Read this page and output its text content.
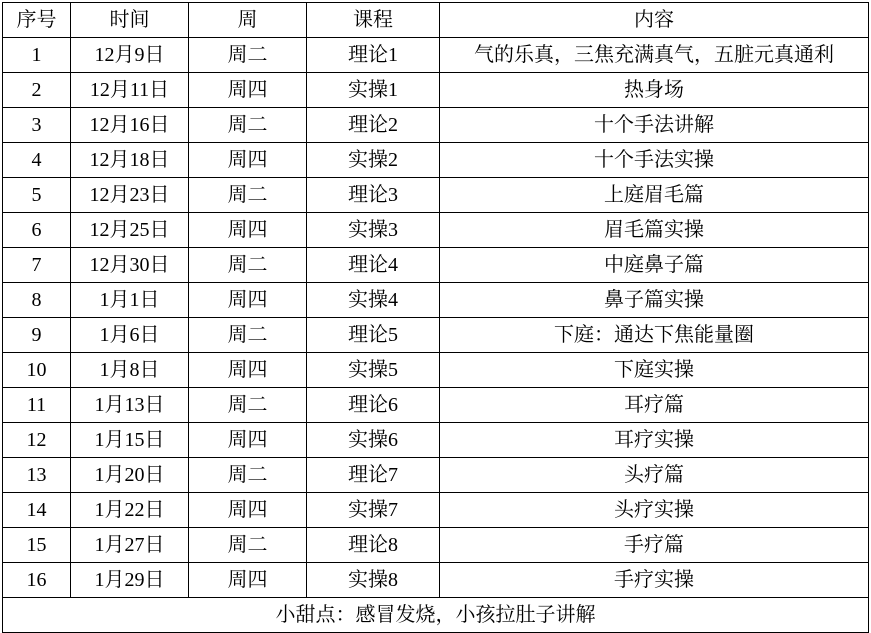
序号	时间	周	课程	内容
1	12月9日	周二	理论1	气的乐真，三焦充满真气，五脏元真通利
2	12月11日	周四	实操1	热身场
3	12月16日	周二	理论2	十个手法讲解
4	12月18日	周四	实操2	十个手法实操
5	12月23日	周二	理论3	上庭眉毛篇
6	12月25日	周四	实操3	眉毛篇实操
7	12月30日	周二	理论4	中庭鼻子篇
8	1月1日	周四	实操4	鼻子篇实操
9	1月6日	周二	理论5	下庭：通达下焦能量圈
10	1月8日	周四	实操5	下庭实操
11	1月13日	周二	理论6	耳疗篇
12	1月15日	周四	实操6	耳疗实操
13	1月20日	周二	理论7	头疗篇
14	1月22日	周四	实操7	头疗实操
15	1月27日	周二	理论8	手疗篇
16	1月29日	周四	实操8	手疗实操
小甜点：感冒发烧，小孩拉肚子讲解				
